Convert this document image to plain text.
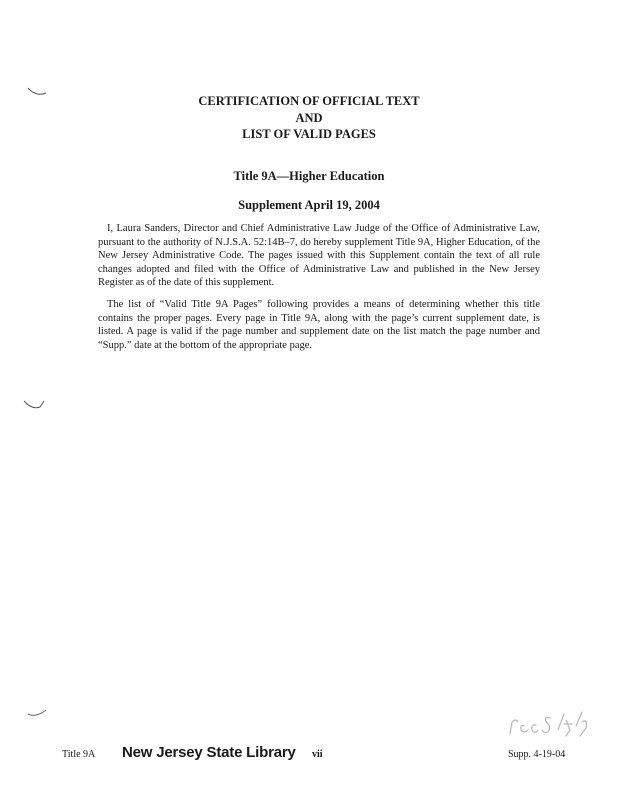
CERTIFICATION OF OFFICIAL TEXT
AND
LIST OF VALID PAGES
Title 9A—Higher Education
Supplement April 19, 2004

I, Laura Sanders, Director and Chief Administrative Law Judge of the Office of Administrative Law, pursuant to the authority of N.J.S.A. 52:14B–7, do hereby supplement Title 9A, Higher Education, of the New Jersey Administrative Code. The pages issued with this Supplement contain the text of all rule changes adopted and filed with the Office of Administrative Law and published in the New Jersey Register as of the date of this supplement.

The list of “Valid Title 9A Pages” following provides a means of determining whether this title contains the proper pages. Every page in Title 9A, along with the page’s current supplement date, is listed. A page is valid if the page number and supplement date on the list match the page number and “Supp.” date at the bottom of the appropriate page.

Title 9A New Jersey State Library vii	Supp. 4-19-04
